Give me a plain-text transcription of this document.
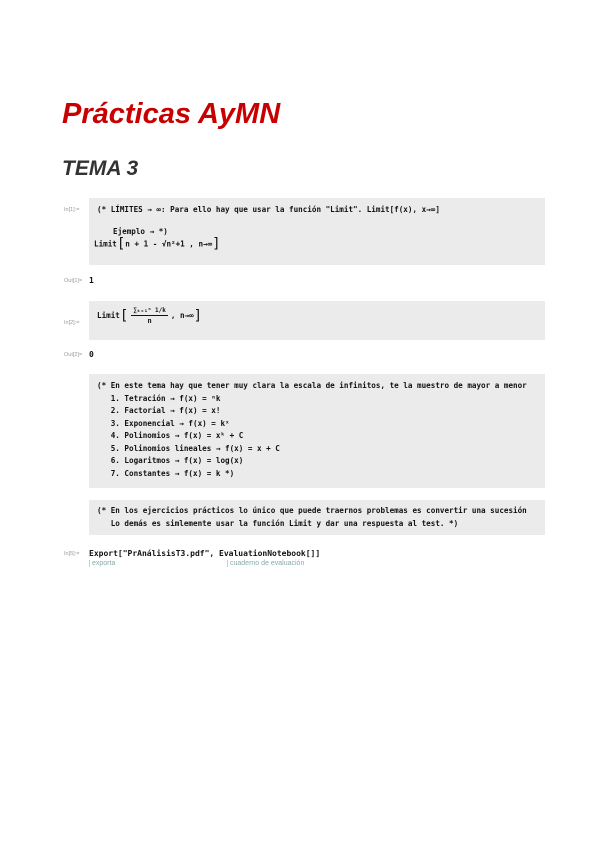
Prácticas AyMN
TEMA 3
In[1]:= (* LÍMITES → ∞: Para ello hay que usar la función "Limit". Limit[f(x), x→∞]
Ejemplo → *)
Limit[n + 1 - √n²+1 , n→∞]
Out[1]= 1
In[2]:=
Limit[ $\frac{\text{∑ₖ₌₁ⁿ 1/k}}{n}$ , n→∞]
Out[2]= 0
(* En este tema hay que tener muy clara la escala de infinitos, te la muestro de mayor a menor
1. Tetración → f(x) = ⁿk
2. Factorial → f(x) = x!
3. Exponencial → f(x) = kˣ
4. Polinomios → f(x) = xᵏ + C
5. Polinomios lineales → f(x) = x + C
6. Logaritmos → f(x) = log(x)
7. Constantes → f(x) = k *)
(* En los ejercicios prácticos lo único que puede traernos problemas es convertir una sucesión
Lo demás es simlemente usar la función Limit y dar una respuesta al test. *)
In[5]:= Export["PrAnálisisT3.pdf", EvaluationNotebook[]]
exporta	cuaderno de evaluación
